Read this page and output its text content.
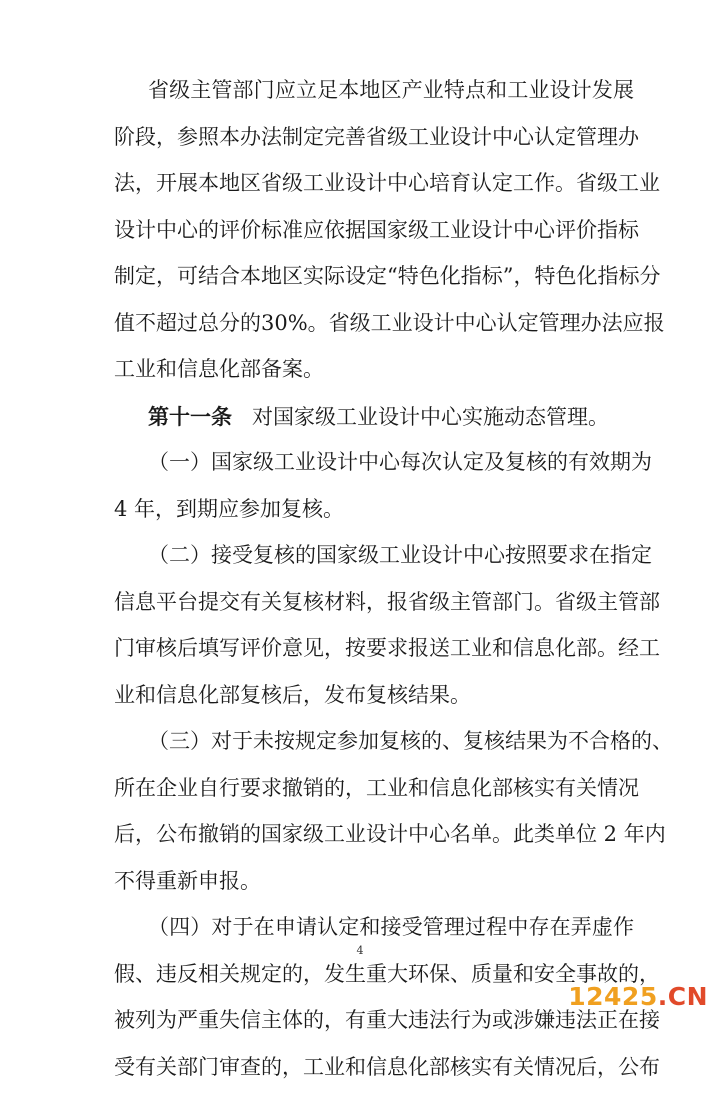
省级主管部门应立足本地区产业特点和工业设计发展
阶段，参照本办法制定完善省级工业设计中心认定管理办
法，开展本地区省级工业设计中心培育认定工作。省级工业
设计中心的评价标准应依据国家级工业设计中心评价指标
制定，可结合本地区实际设定“特色化指标”，特色化指标分
值不超过总分的30%。省级工业设计中心认定管理办法应报
工业和信息化部备案。
第十一条 对国家级工业设计中心实施动态管理。
（一）国家级工业设计中心每次认定及复核的有效期为
4 年，到期应参加复核。
（二）接受复核的国家级工业设计中心按照要求在指定
信息平台提交有关复核材料，报省级主管部门。省级主管部
门审核后填写评价意见，按要求报送工业和信息化部。经工
业和信息化部复核后，发布复核结果。
（三）对于未按规定参加复核的、复核结果为不合格的、
所在企业自行要求撤销的，工业和信息化部核实有关情况
后，公布撤销的国家级工业设计中心名单。此类单位 2 年内
不得重新申报。
（四）对于在申请认定和接受管理过程中存在弄虚作
假、违反相关规定的，发生重大环保、质量和安全事故的，
被列为严重失信主体的，有重大违法行为或涉嫌违法正在接
受有关部门审查的，工业和信息化部核实有关情况后，公布
4
12425.CN
